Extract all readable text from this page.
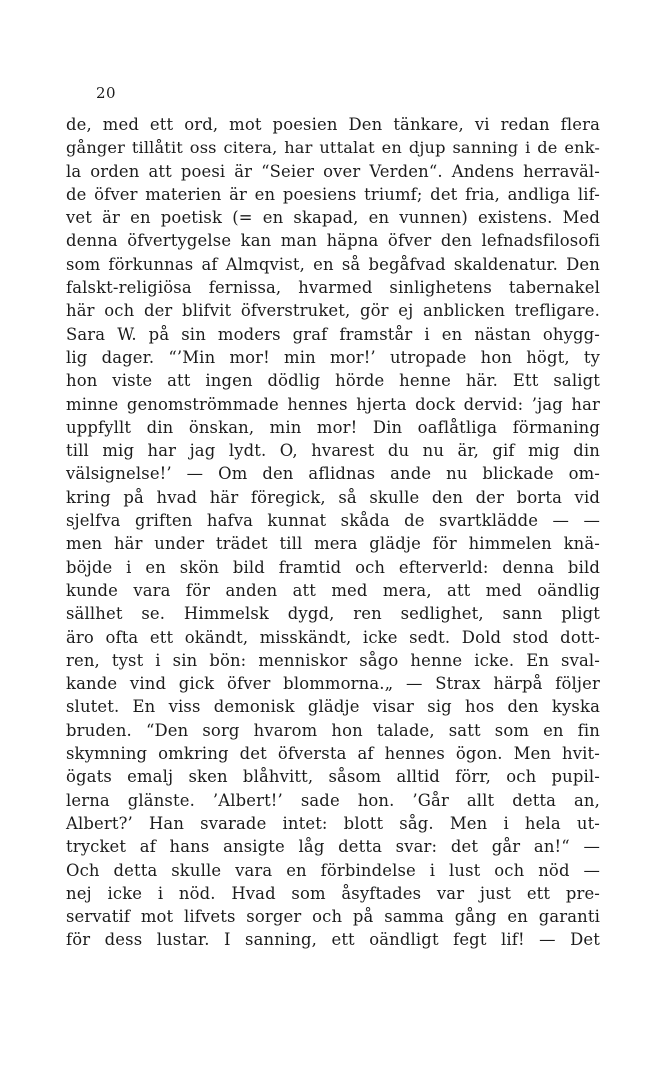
20
de, med ett ord, mot poesien Den tänkare, vi redan flera
gånger tillåtit oss citera, har uttalat en djup sanning i de enk-
la orden att poesi är “Seier over Verden“. Andens herraväl-
de öfver materien är en poesiens triumf; det fria, andliga lif-
vet är en poetisk (= en skapad, en vunnen) existens. Med
denna öfvertygelse kan man häpna öfver den lefnadsfilosofi
som förkunnas af Almqvist, en så begåfvad skaldenatur. Den
falskt-religiösa fernissa, hvarmed sinlighetens tabernakel
här och der blifvit öfverstruket, gör ej anblicken trefligare.
Sara W. på sin moders graf framstår i en nästan ohygg-
lig dager. “’Min mor! min mor!’ utropade hon högt, ty
hon viste att ingen dödlig hörde henne här. Ett saligt
minne genomströmmade hennes hjerta dock dervid: ’jag har
uppfyllt din önskan, min mor! Din oaflåtliga förmaning
till mig har jag lydt. O, hvarest du nu är, gif mig din
välsignelse!’ — Om den aflidnas ande nu blickade om-
kring på hvad här föregick, så skulle den der borta vid
sjelfva griften hafva kunnat skåda de svartklädde — —
men här under trädet till mera glädje för himmelen knä-
böjde i en skön bild framtid och efterverld: denna bild
kunde vara för anden att med mera, att med oändlig
sällhet se. Himmelsk dygd, ren sedlighet, sann pligt
äro ofta ett okändt, misskändt, icke sedt. Dold stod dott-
ren, tyst i sin bön: menniskor sågo henne icke. En sval-
kande vind gick öfver blommorna.„ — Strax härpå följer
slutet. En viss demonisk glädje visar sig hos den kyska
bruden. “Den sorg hvarom hon talade, satt som en fin
skymning omkring det öfversta af hennes ögon. Men hvit-
ögats emalj sken blåhvitt, såsom alltid förr, och pupil-
lerna glänste. ’Albert!’ sade hon. ’Går allt detta an,
Albert?’ Han svarade intet: blott såg. Men i hela ut-
trycket af hans ansigte låg detta svar: det går an!“ —
Och detta skulle vara en förbindelse i lust och nöd —
nej icke i nöd. Hvad som åsyftades var just ett pre-
servatif mot lifvets sorger och på samma gång en garanti
för dess lustar. I sanning, ett oändligt fegt lif! — Det
